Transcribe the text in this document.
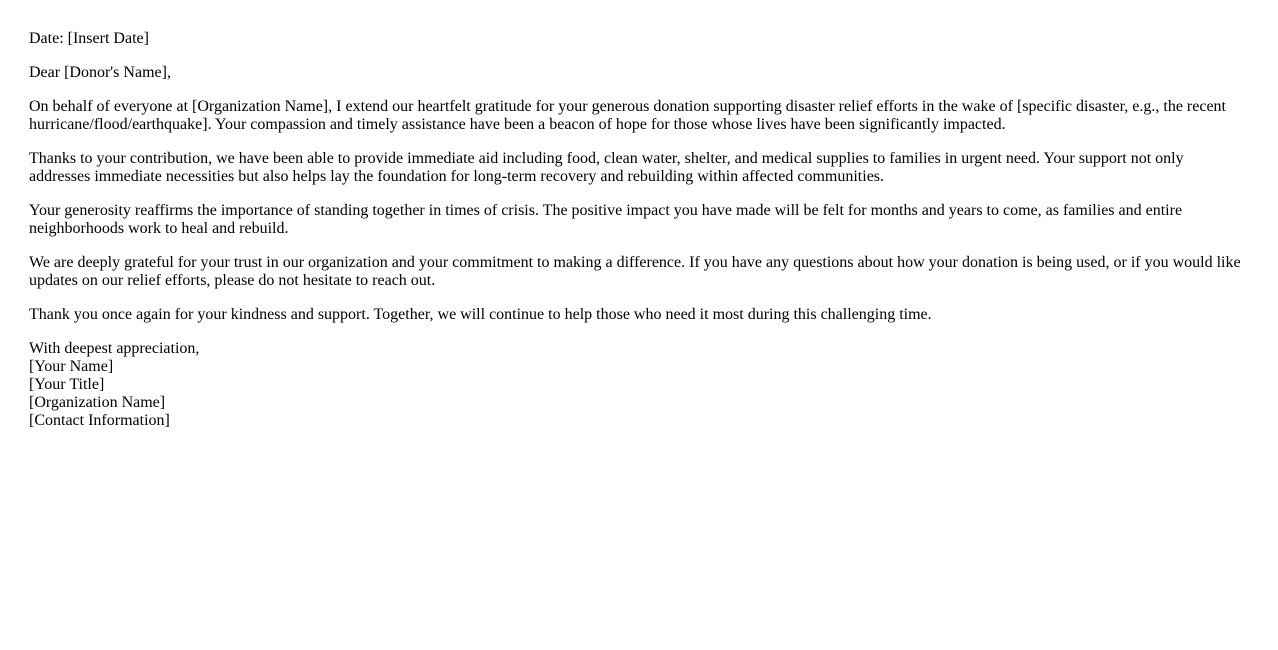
Date: [Insert Date]
Dear [Donor's Name],
On behalf of everyone at [Organization Name], I extend our heartfelt gratitude for your generous donation supporting disaster relief efforts in the wake of [specific disaster, e.g., the recent hurricane/flood/earthquake]. Your compassion and timely assistance have been a beacon of hope for those whose lives have been significantly impacted.
Thanks to your contribution, we have been able to provide immediate aid including food, clean water, shelter, and medical supplies to families in urgent need. Your support not only addresses immediate necessities but also helps lay the foundation for long-term recovery and rebuilding within affected communities.
Your generosity reaffirms the importance of standing together in times of crisis. The positive impact you have made will be felt for months and years to come, as families and entire neighborhoods work to heal and rebuild.
We are deeply grateful for your trust in our organization and your commitment to making a difference. If you have any questions about how your donation is being used, or if you would like updates on our relief efforts, please do not hesitate to reach out.
Thank you once again for your kindness and support. Together, we will continue to help those who need it most during this challenging time.
With deepest appreciation,
[Your Name]
[Your Title]
[Organization Name]
[Contact Information]
